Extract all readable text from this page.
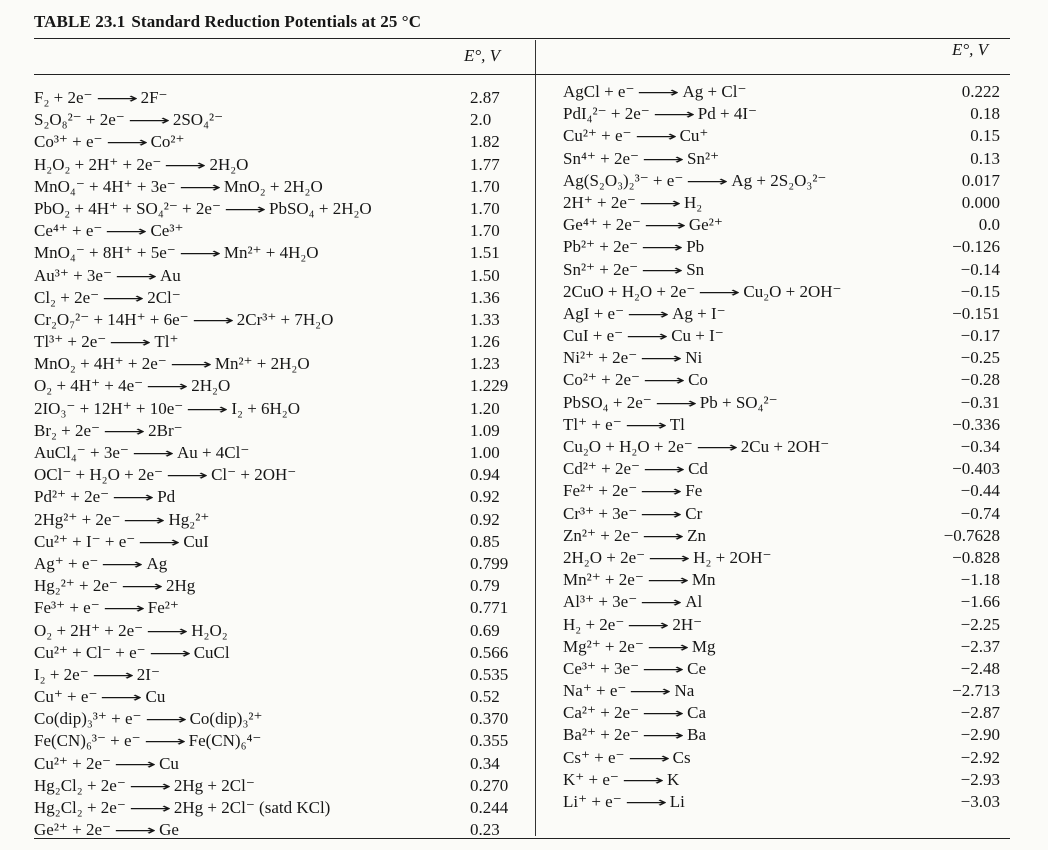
TABLE 23.1 Standard Reduction Potentials at 25 °C
E°, V	E°, V
F₂ + 2e⁻ ⟶ 2F⁻	2.87
S₂O₈²⁻ + 2e⁻ ⟶ 2SO₄²⁻	2.0
Co³⁺ + e⁻ ⟶ Co²⁺	1.82
H₂O₂ + 2H⁺ + 2e⁻ ⟶ 2H₂O	1.77
MnO₄⁻ + 4H⁺ + 3e⁻ ⟶ MnO₂ + 2H₂O	1.70
PbO₂ + 4H⁺ + SO₄²⁻ + 2e⁻ ⟶ PbSO₄ + 2H₂O	1.70
Ce⁴⁺ + e⁻ ⟶ Ce³⁺	1.70
MnO₄⁻ + 8H⁺ + 5e⁻ ⟶ Mn²⁺ + 4H₂O	1.51
Au³⁺ + 3e⁻ ⟶ Au	1.50
Cl₂ + 2e⁻ ⟶ 2Cl⁻	1.36
Cr₂O₇²⁻ + 14H⁺ + 6e⁻ ⟶ 2Cr³⁺ + 7H₂O	1.33
Tl³⁺ + 2e⁻ ⟶ Tl⁺	1.26
MnO₂ + 4H⁺ + 2e⁻ ⟶ Mn²⁺ + 2H₂O	1.23
O₂ + 4H⁺ + 4e⁻ ⟶ 2H₂O	1.229
2IO₃⁻ + 12H⁺ + 10e⁻ ⟶ I₂ + 6H₂O	1.20
Br₂ + 2e⁻ ⟶ 2Br⁻	1.09
AuCl₄⁻ + 3e⁻ ⟶ Au + 4Cl⁻	1.00
OCl⁻ + H₂O + 2e⁻ ⟶ Cl⁻ + 2OH⁻	0.94
Pd²⁺ + 2e⁻ ⟶ Pd	0.92
2Hg²⁺ + 2e⁻ ⟶ Hg₂²⁺	0.92
Cu²⁺ + I⁻ + e⁻ ⟶ CuI	0.85
Ag⁺ + e⁻ ⟶ Ag	0.799
Hg₂²⁺ + 2e⁻ ⟶ 2Hg	0.79
Fe³⁺ + e⁻ ⟶ Fe²⁺	0.771
O₂ + 2H⁺ + 2e⁻ ⟶ H₂O₂	0.69
Cu²⁺ + Cl⁻ + e⁻ ⟶ CuCl	0.566
I₂ + 2e⁻ ⟶ 2I⁻	0.535
Cu⁺ + e⁻ ⟶ Cu	0.52
Co(dip)₃³⁺ + e⁻ ⟶ Co(dip)₃²⁺	0.370
Fe(CN)₆³⁻ + e⁻ ⟶ Fe(CN)₆⁴⁻	0.355
Cu²⁺ + 2e⁻ ⟶ Cu	0.34
Hg₂Cl₂ + 2e⁻ ⟶ 2Hg + 2Cl⁻	0.270
Hg₂Cl₂ + 2e⁻ ⟶ 2Hg + 2Cl⁻ (satd KCl)	0.244
Ge²⁺ + 2e⁻ ⟶ Ge	0.23
AgCl + e⁻ ⟶ Ag + Cl⁻	0.222
PdI₄²⁻ + 2e⁻ ⟶ Pd + 4I⁻	0.18
Cu²⁺ + e⁻ ⟶ Cu⁺	0.15
Sn⁴⁺ + 2e⁻ ⟶ Sn²⁺	0.13
Ag(S₂O₃)₂³⁻ + e⁻ ⟶ Ag + 2S₂O₃²⁻	0.017
2H⁺ + 2e⁻ ⟶ H₂	0.000
Ge⁴⁺ + 2e⁻ ⟶ Ge²⁺	0.0
Pb²⁺ + 2e⁻ ⟶ Pb	−0.126
Sn²⁺ + 2e⁻ ⟶ Sn	−0.14
2CuO + H₂O + 2e⁻ ⟶ Cu₂O + 2OH⁻	−0.15
AgI + e⁻ ⟶ Ag + I⁻	−0.151
CuI + e⁻ ⟶ Cu + I⁻	−0.17
Ni²⁺ + 2e⁻ ⟶ Ni	−0.25
Co²⁺ + 2e⁻ ⟶ Co	−0.28
PbSO₄ + 2e⁻ ⟶ Pb + SO₄²⁻	−0.31
Tl⁺ + e⁻ ⟶ Tl	−0.336
Cu₂O + H₂O + 2e⁻ ⟶ 2Cu + 2OH⁻	−0.34
Cd²⁺ + 2e⁻ ⟶ Cd	−0.403
Fe²⁺ + 2e⁻ ⟶ Fe	−0.44
Cr³⁺ + 3e⁻ ⟶ Cr	−0.74
Zn²⁺ + 2e⁻ ⟶ Zn	−0.7628
2H₂O + 2e⁻ ⟶ H₂ + 2OH⁻	−0.828
Mn²⁺ + 2e⁻ ⟶ Mn	−1.18
Al³⁺ + 3e⁻ ⟶ Al	−1.66
H₂ + 2e⁻ ⟶ 2H⁻	−2.25
Mg²⁺ + 2e⁻ ⟶ Mg	−2.37
Ce³⁺ + 3e⁻ ⟶ Ce	−2.48
Na⁺ + e⁻ ⟶ Na	−2.713
Ca²⁺ + 2e⁻ ⟶ Ca	−2.87
Ba²⁺ + 2e⁻ ⟶ Ba	−2.90
Cs⁺ + e⁻ ⟶ Cs	−2.92
K⁺ + e⁻ ⟶ K	−2.93
Li⁺ + e⁻ ⟶ Li	−3.03
